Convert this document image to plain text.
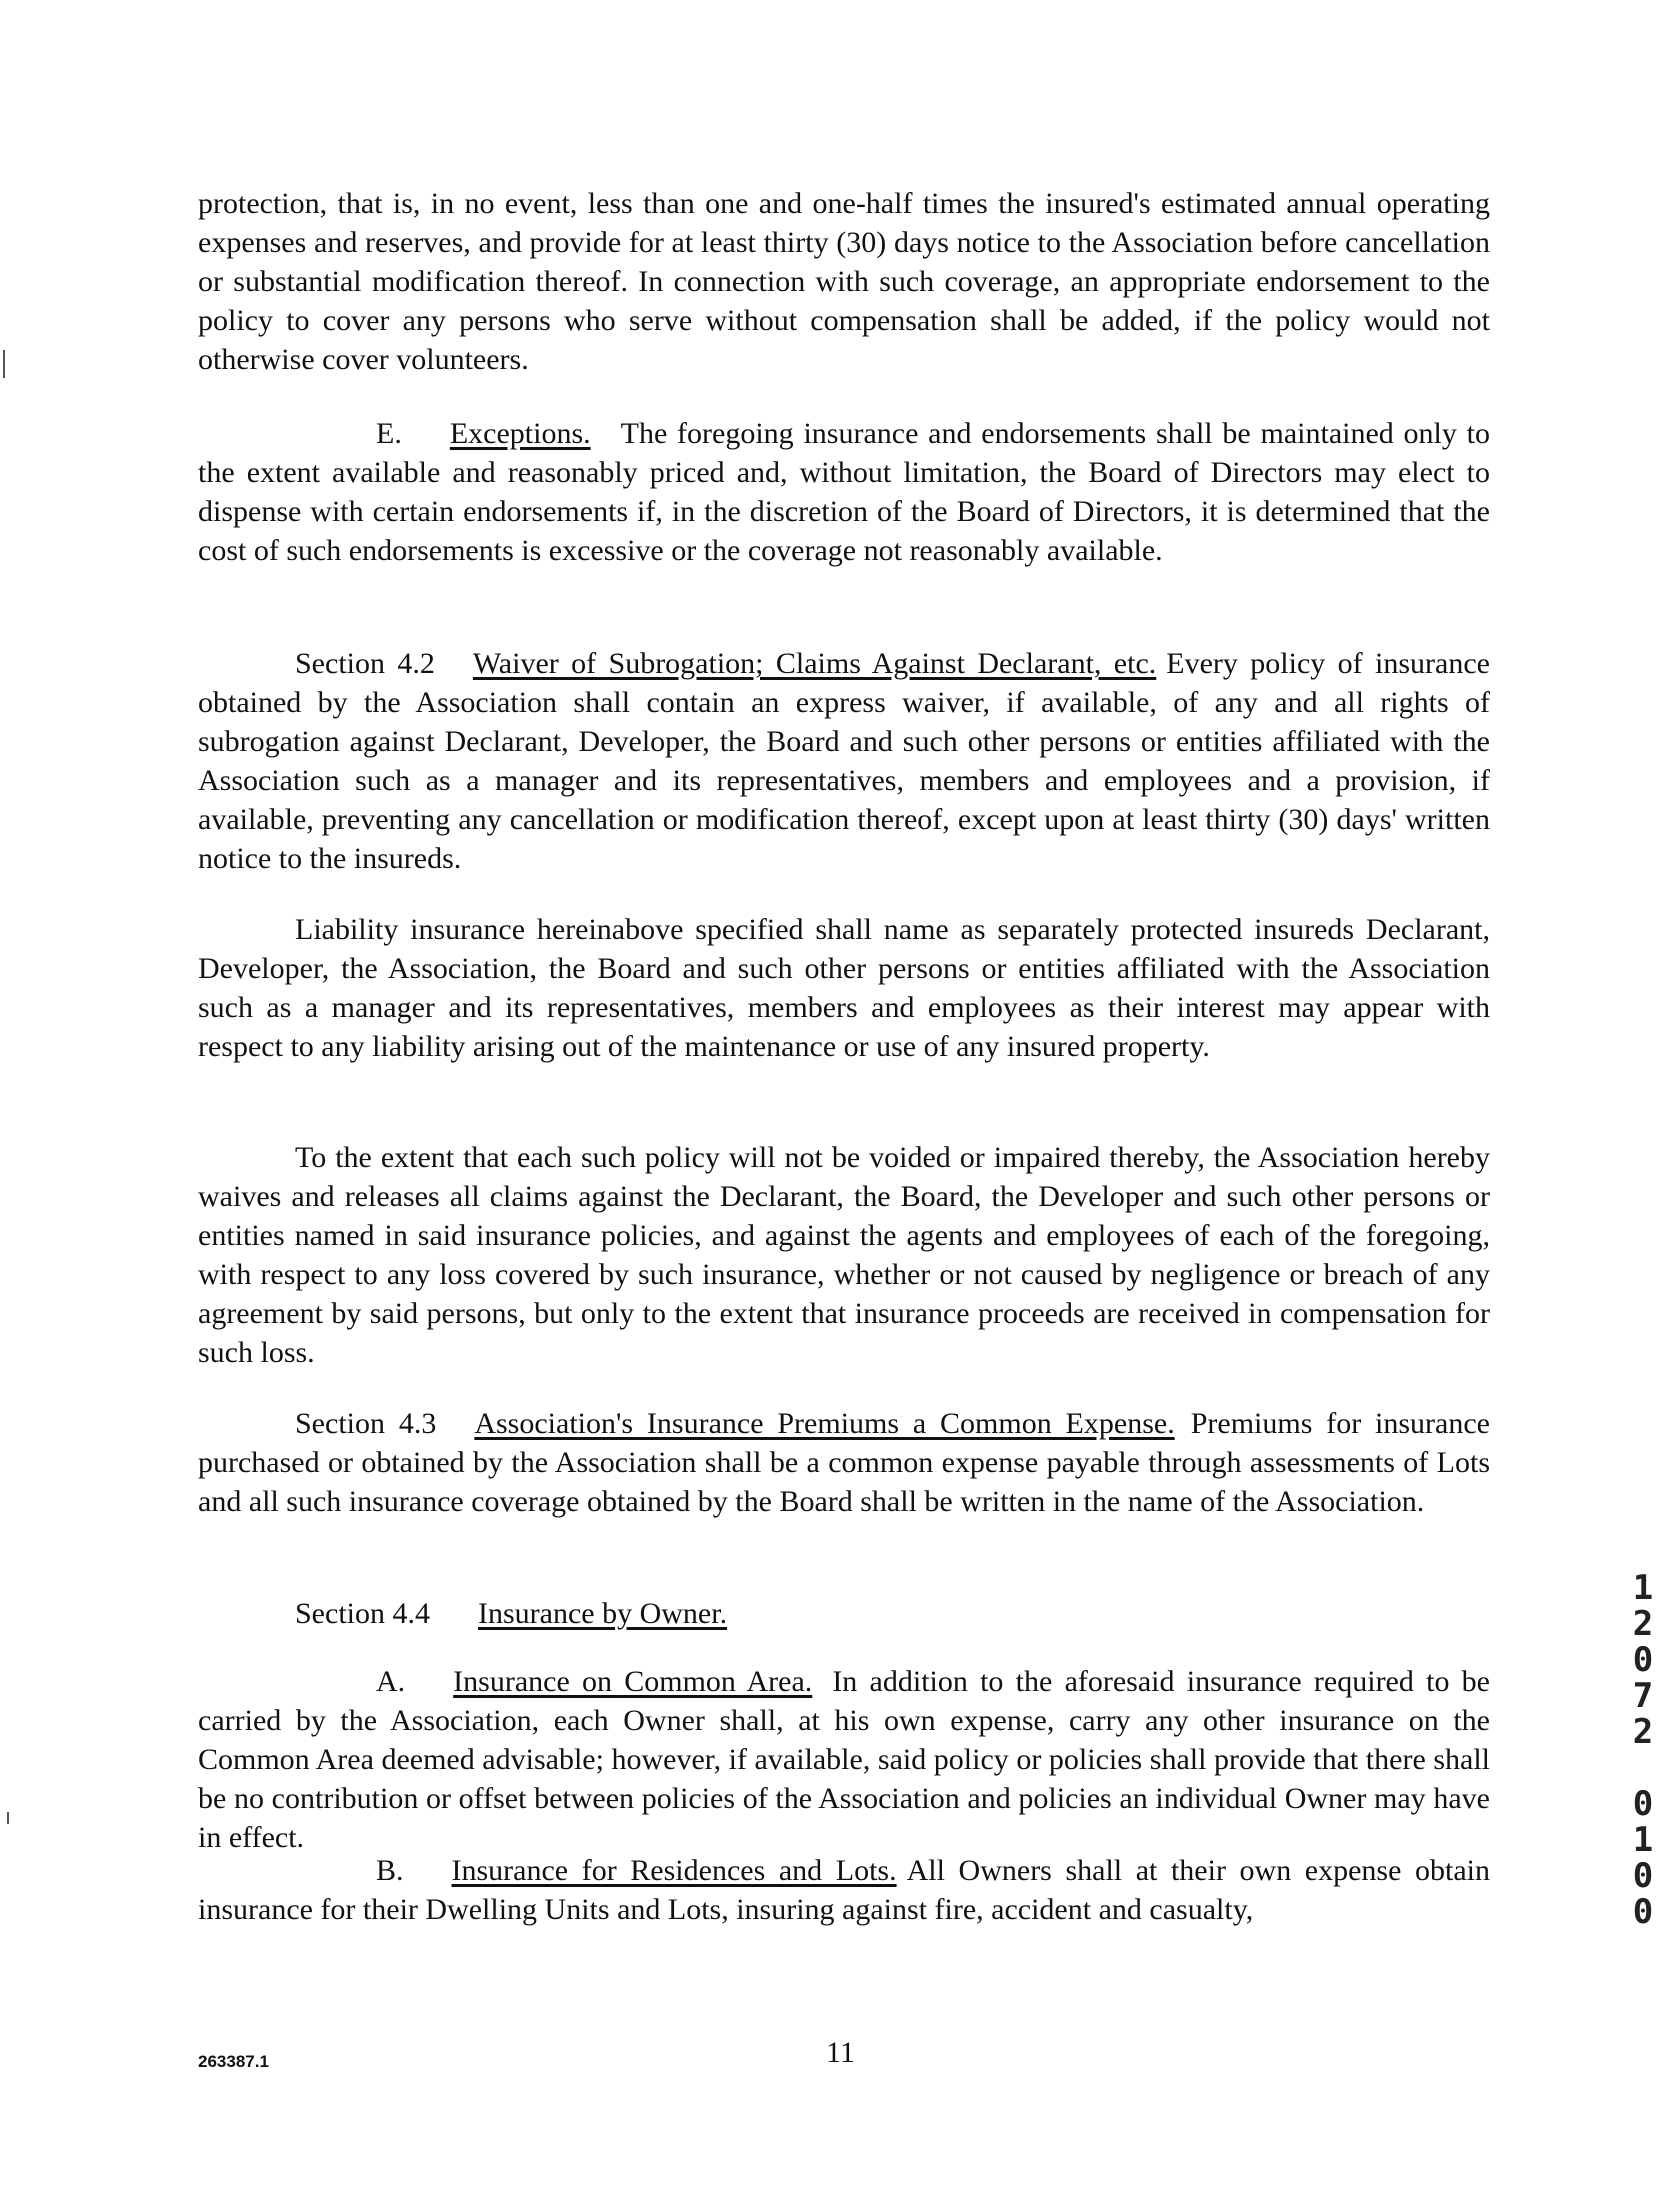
protection, that is, in no event, less than one and one-half times the insured's estimated annual operating expenses and reserves, and provide for at least thirty (30) days notice to the Association before cancellation or substantial modification thereof. In connection with such coverage, an appropriate endorsement to the policy to cover any persons who serve without compensation shall be added, if the policy would not otherwise cover volunteers.

E. Exceptions. The foregoing insurance and endorsements shall be maintained only to the extent available and reasonably priced and, without limitation, the Board of Directors may elect to dispense with certain endorsements if, in the discretion of the Board of Directors, it is determined that the cost of such endorsements is excessive or the coverage not reasonably available.

Section 4.2 Waiver of Subrogation; Claims Against Declarant, etc. Every policy of insurance obtained by the Association shall contain an express waiver, if available, of any and all rights of subrogation against Declarant, Developer, the Board and such other persons or entities affiliated with the Association such as a manager and its representatives, members and employees and a provision, if available, preventing any cancellation or modification thereof, except upon at least thirty (30) days' written notice to the insureds.

Liability insurance hereinabove specified shall name as separately protected insureds Declarant, Developer, the Association, the Board and such other persons or entities affiliated with the Association such as a manager and its representatives, members and employees as their interest may appear with respect to any liability arising out of the maintenance or use of any insured property.

To the extent that each such policy will not be voided or impaired thereby, the Association hereby waives and releases all claims against the Declarant, the Board, the Developer and such other persons or entities named in said insurance policies, and against the agents and employees of each of the foregoing, with respect to any loss covered by such insurance, whether or not caused by negligence or breach of any agreement by said persons, but only to the extent that insurance proceeds are received in compensation for such loss.

Section 4.3 Association's Insurance Premiums a Common Expense. Premiums for insurance purchased or obtained by the Association shall be a common expense payable through assessments of Lots and all such insurance coverage obtained by the Board shall be written in the name of the Association.

Section 4.4 Insurance by Owner.

A. Insurance on Common Area. In addition to the aforesaid insurance required to be carried by the Association, each Owner shall, at his own expense, carry any other insurance on the Common Area deemed advisable; however, if available, said policy or policies shall provide that there shall be no contribution or offset between policies of the Association and policies an individual Owner may have in effect.

B. Insurance for Residences and Lots. All Owners shall at their own expense obtain insurance for their Dwelling Units and Lots, insuring against fire, accident and casualty,

1
2
0
7
2
0
1
0
0

263387.1	11
